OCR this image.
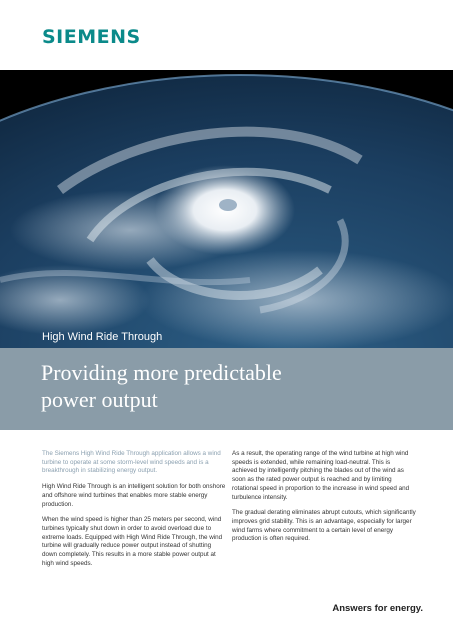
SIEMENS
High Wind Ride Through
Providing more predictable
power output

The Siemens High Wind Ride Through application allows a wind turbine to operate at some storm-level wind speeds and is a breakthrough in stabilizing energy output.

High Wind Ride Through is an intelligent solution for both onshore and offshore wind turbines that enables more stable energy production.

When the wind speed is higher than 25 meters per second, wind turbines typically shut down in order to avoid overload due to extreme loads. Equipped with High Wind Ride Through, the wind turbine will gradually reduce power output instead of shutting down completely. This results in a more stable power output at high wind speeds.

As a result, the operating range of the wind turbine at high wind speeds is extended, while remaining load-neutral. This is achieved by intelligently pitching the blades out of the wind as soon as the rated power output is reached and by limiting rotational speed in proportion to the increase in wind speed and turbulence intensity.

The gradual derating eliminates abrupt cutouts, which significantly improves grid stability. This is an advantage, especially for larger wind farms where commitment to a certain level of energy production is often required.

Answers for energy.
